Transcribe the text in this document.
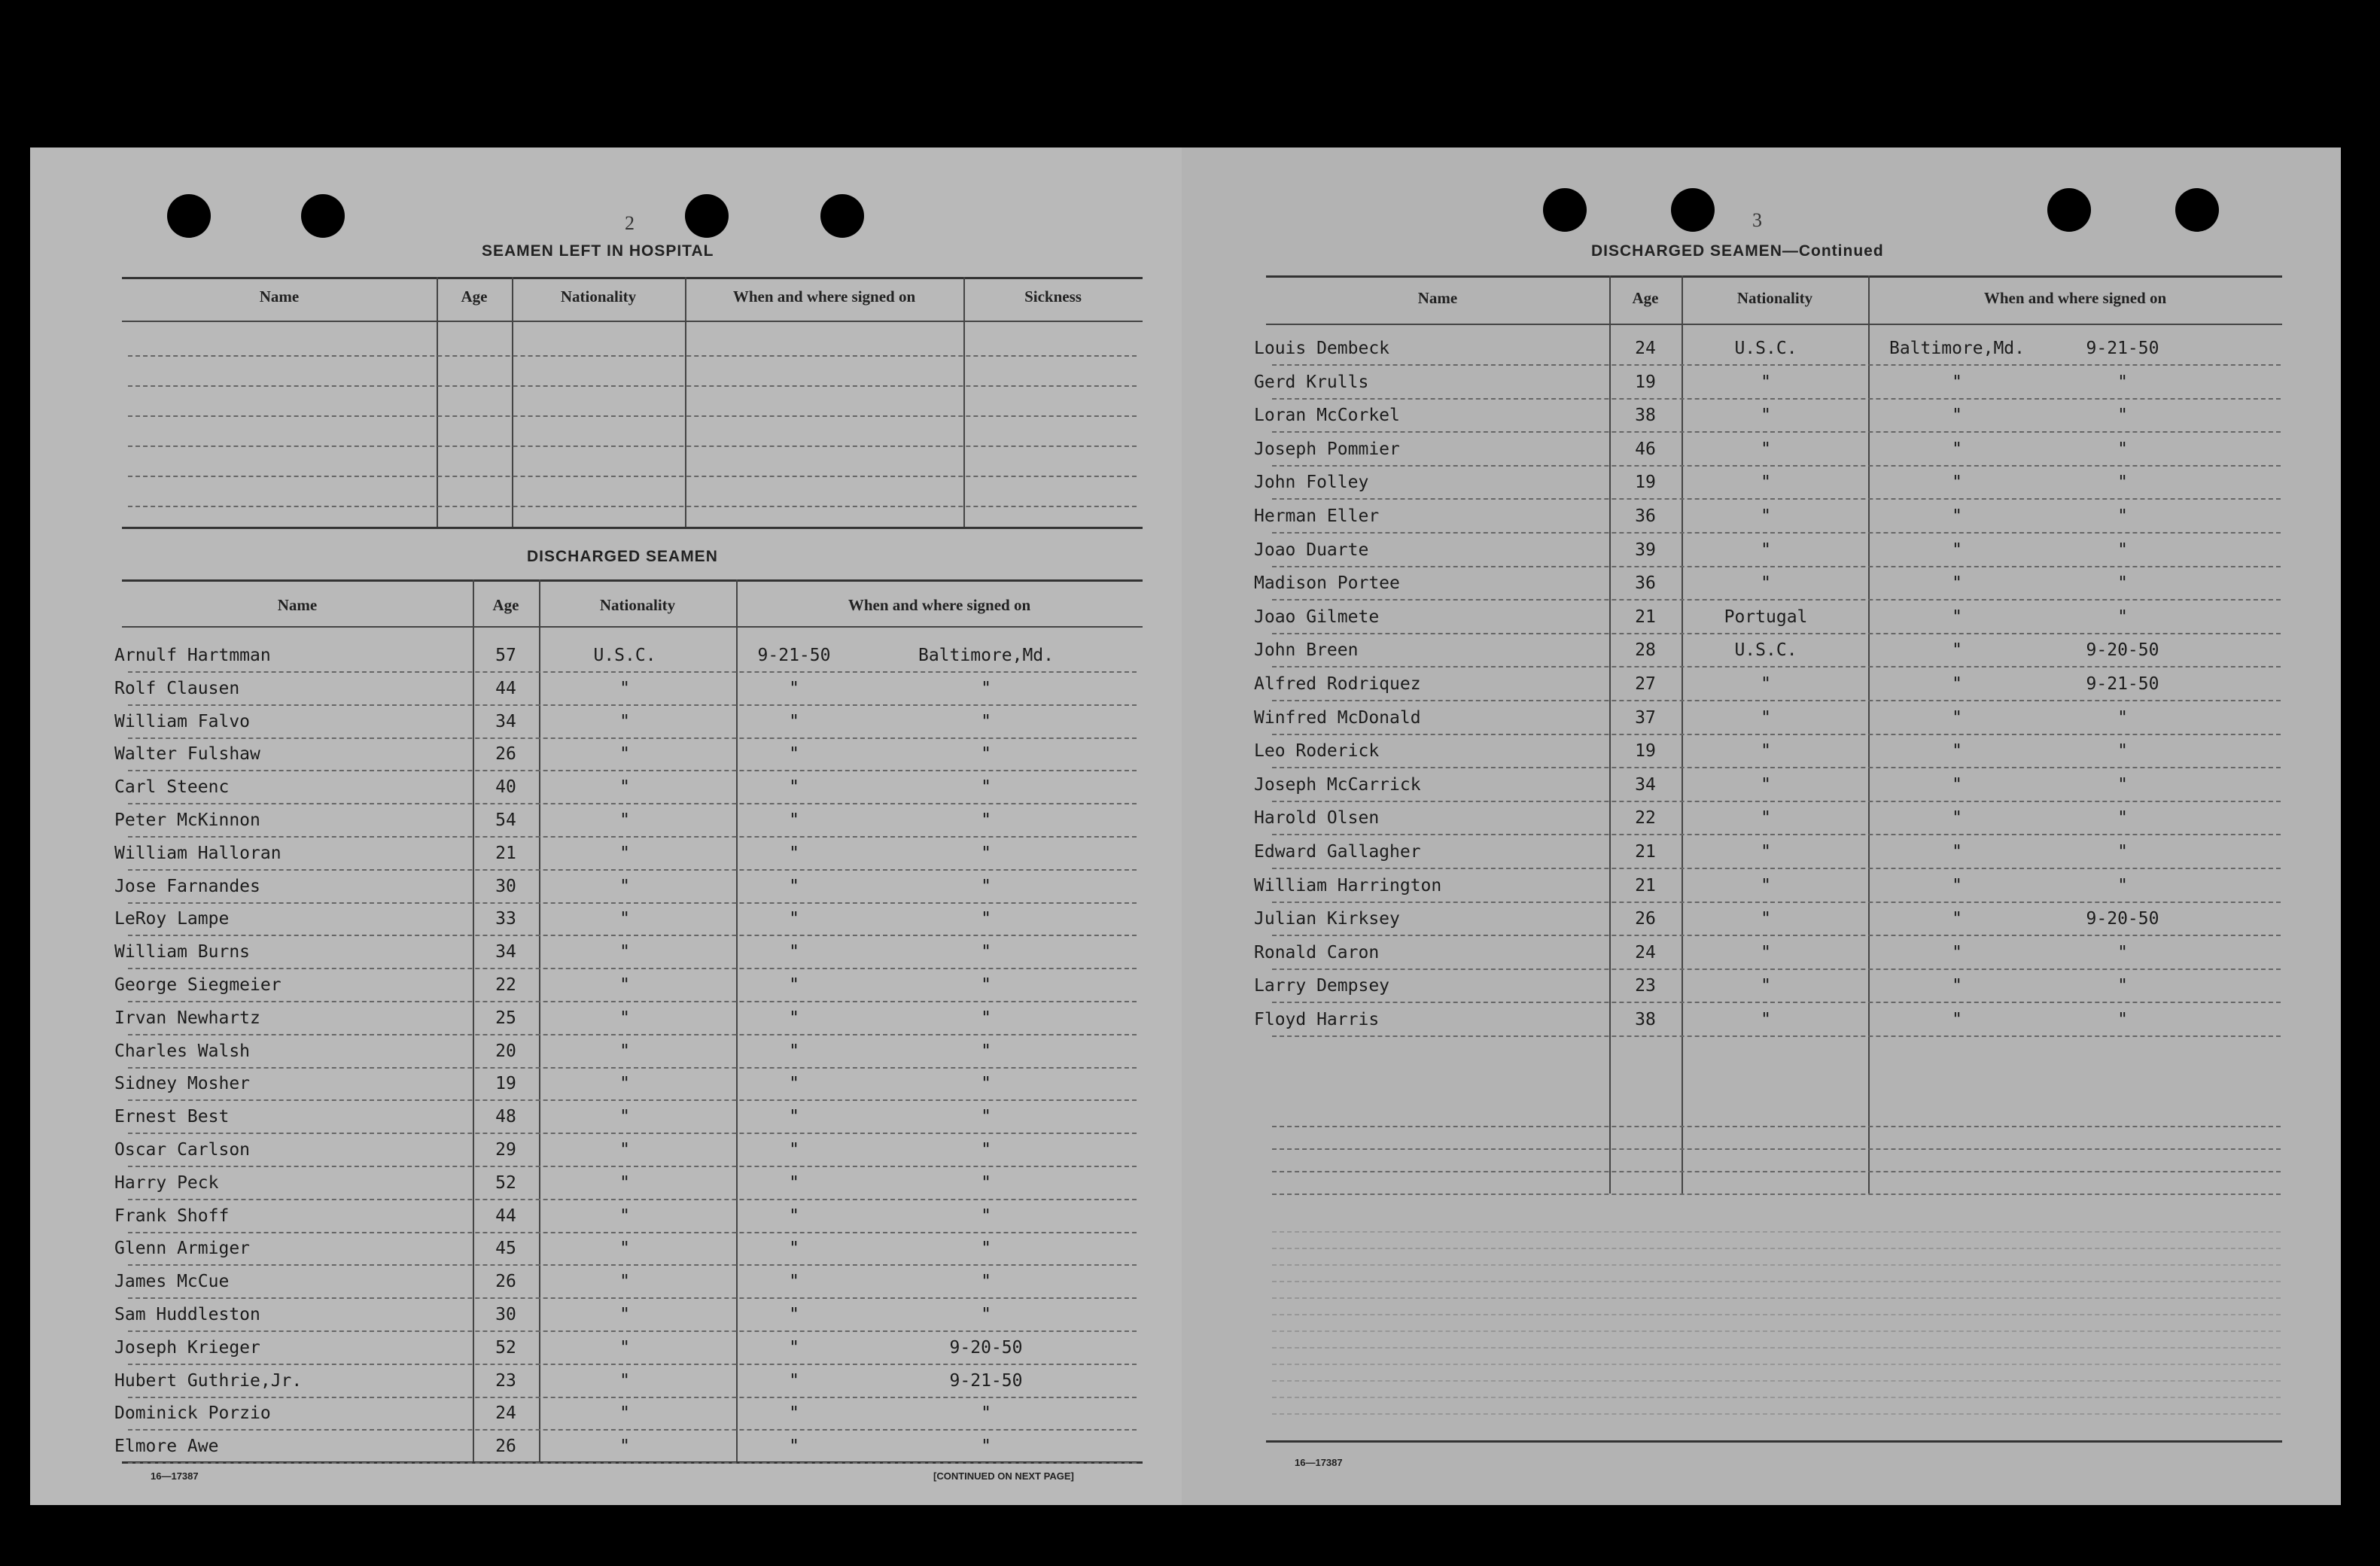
2
SEAMEN LEFT IN HOSPITAL
DISCHARGED SEAMEN
16—17387	[CONTINUED ON NEXT PAGE]
Name	Age	Nationality	When and where signed on	Sickness
Name	Age	Nationality	When and where signed on
Arnulf Hartmman	57	U.S.C.	9-21-50	Baltimore,Md.
Rolf Clausen	44	"	"	"
William Falvo	34	"	"	"
Walter Fulshaw	26	"	"	"
Carl Steenc	40	"	"	"
Peter McKinnon	54	"	"	"
William Halloran	21	"	"	"
Jose Farnandes	30	"	"	"
LeRoy Lampe	33	"	"	"
William Burns	34	"	"	"
George Siegmeier	22	"	"	"
Irvan Newhartz	25	"	"	"
Charles Walsh	20	"	"	"
Sidney Mosher	19	"	"	"
Ernest Best	48	"	"	"
Oscar Carlson	29	"	"	"
Harry Peck	52	"	"	"
Frank Shoff	44	"	"	"
Glenn Armiger	45	"	"	"
James McCue	26	"	"	"
Sam Huddleston	30	"	"	"
Joseph Krieger	52	"	"	9-20-50
Hubert Guthrie,Jr.	23	"	"	9-21-50
Dominick Porzio	24	"	"	"
Elmore Awe	26	"	"	"
3
DISCHARGED SEAMEN—Continued
16—17387
Name	Age	Nationality	When and where signed on
Louis Dembeck	24	U.S.C.	Baltimore,Md.	9-21-50
Gerd Krulls	19	"	"	"
Loran McCorkel	38	"	"	"
Joseph Pommier	46	"	"	"
John Folley	19	"	"	"
Herman Eller	36	"	"	"
Joao Duarte	39	"	"	"
Madison Portee	36	"	"	"
Joao Gilmete	21	Portugal	"	"
John Breen	28	U.S.C.	"	9-20-50
Alfred Rodriquez	27	"	"	9-21-50
Winfred McDonald	37	"	"	"
Leo Roderick	19	"	"	"
Joseph McCarrick	34	"	"	"
Harold Olsen	22	"	"	"
Edward Gallagher	21	"	"	"
William Harrington	21	"	"	"
Julian Kirksey	26	"	"	9-20-50
Ronald Caron	24	"	"	"
Larry Dempsey	23	"	"	"
Floyd Harris	38	"	"	"
